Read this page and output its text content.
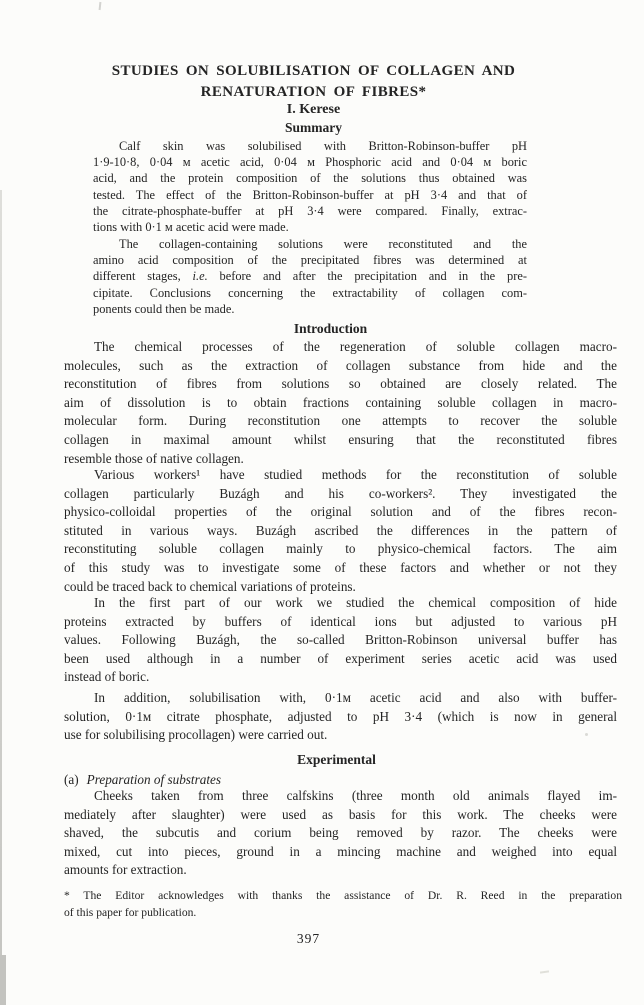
STUDIES ON SOLUBILISATION OF COLLAGEN AND
RENATURATION OF FIBRES*
I. Kerese
Summary
Calf skin was solubilised with Britton-Robinson-buffer pH
1·9-10·8, 0·04 ᴍ acetic acid, 0·04 ᴍ Phosphoric acid and 0·04 ᴍ boric
acid, and the protein composition of the solutions thus obtained was
tested. The effect of the Britton-Robinson-buffer at pH 3·4 and that of
the citrate-phosphate-buffer at pH 3·4 were compared. Finally, extrac-
tions with 0·1 ᴍ acetic acid were made.
The collagen-containing solutions were reconstituted and the
amino acid composition of the precipitated fibres was determined at
different stages, i.e. before and after the precipitation and in the pre-
cipitate. Conclusions concerning the extractability of collagen com-
ponents could then be made.
Introduction
The chemical processes of the regeneration of soluble collagen macro-
molecules, such as the extraction of collagen substance from hide and the
reconstitution of fibres from solutions so obtained are closely related. The
aim of dissolution is to obtain fractions containing soluble collagen in macro-
molecular form. During reconstitution one attempts to recover the soluble
collagen in maximal amount whilst ensuring that the reconstituted fibres
resemble those of native collagen.
Various workers¹ have studied methods for the reconstitution of soluble
collagen particularly Buzágh and his co-workers². They investigated the
physico-colloidal properties of the original solution and of the fibres recon-
stituted in various ways. Buzágh ascribed the differences in the pattern of
reconstituting soluble collagen mainly to physico-chemical factors. The aim
of this study was to investigate some of these factors and whether or not they
could be traced back to chemical variations of proteins.
In the first part of our work we studied the chemical composition of hide
proteins extracted by buffers of identical ions but adjusted to various pH
values. Following Buzágh, the so-called Britton-Robinson universal buffer has
been used although in a number of experiment series acetic acid was used
instead of boric.
In addition, solubilisation with, 0·1ᴍ acetic acid and also with buffer-
solution, 0·1ᴍ citrate phosphate, adjusted to pH 3·4 (which is now in general
use for solubilising procollagen) were carried out.
Experimental
(a) Preparation of substrates
Cheeks taken from three calfskins (three month old animals flayed im-
mediately after slaughter) were used as basis for this work. The cheeks were
shaved, the subcutis and corium being removed by razor. The cheeks were
mixed, cut into pieces, ground in a mincing machine and weighed into equal
amounts for extraction.
* The Editor acknowledges with thanks the assistance of Dr. R. Reed in the preparation
of this paper for publication.
397
